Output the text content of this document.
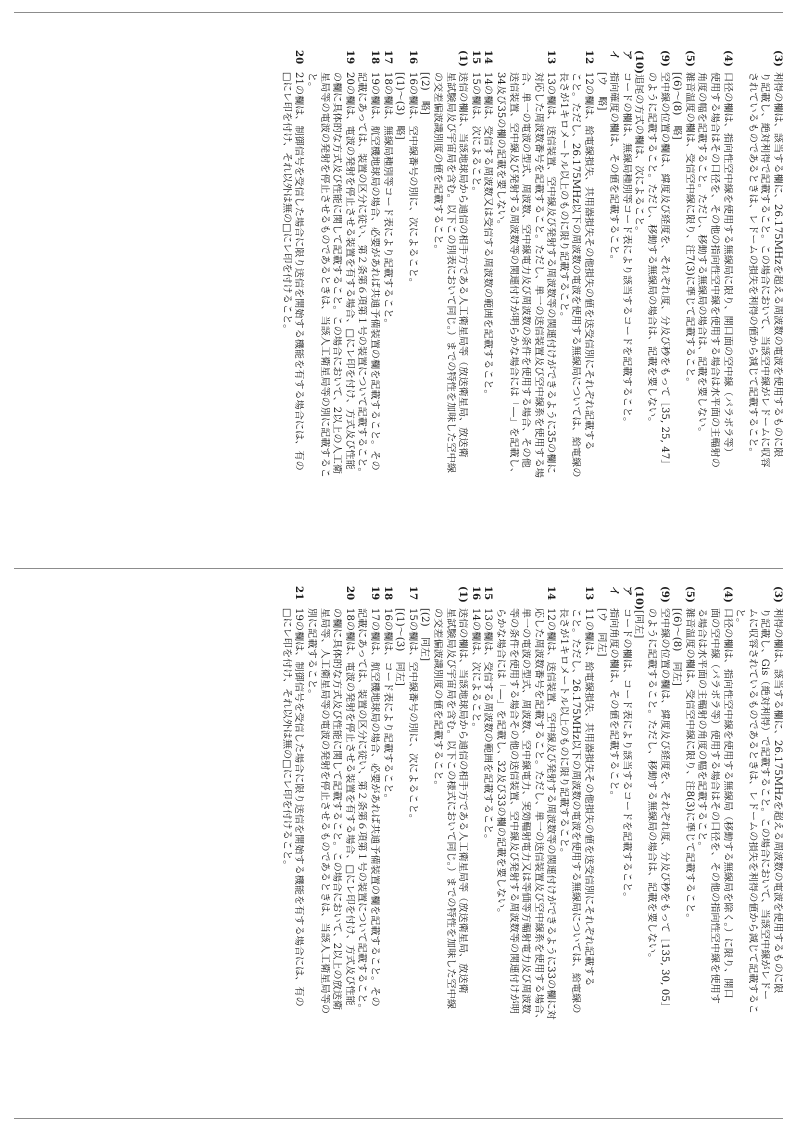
(3)利得の欄は、該当する欄に、26.175MHzを超える周波数の電波を使用するものに限
り記載し、絶対利得で記載すること。この場合において、当該空中線がレドームに収容
されているものであるときは、レドームの損失を利得の値から減じて記載すること。
(4)口径の欄は、指向性空中線を使用する無線局に限り、開口面の空中線（パラボラ等）
使用する場合はその口径を、その他の指向性空中線を使用する場合は水平面の主輻射の
角度の幅を記載すること。ただし、移動する無線局の場合は、記載を要しない。
(5)雑音温度の欄は、受信空中線に限り、注7(3)に準じて記載すること。
[(6)～(8)　略]
(9)空中線の位置の欄は、緯度及び経度を、それぞれ度、分及び秒をもって［35, 25, 47］
のように記載すること。ただし、移動する無線局の場合は、記載を要しない。
(10)追尾の方式の欄は、次によること。
アコードの欄は、無線局種別等コード表により該当するコードを記載すること。
イ指向確度の欄は、その値を記載すること。
[ウ　略]
1212の欄は、給電線損失、共用器損失その他損失の値を送受信別にそれぞれ記載する
こと。ただし、26.175MHz以下の周波数の電波を使用する無線局については、給電線の
長さが1キロメートル以上のものに限り記載すること。
1313の欄は、送信装置、空中線及び発射する周波数等の関連付けができるように35の欄に
対応した周波数番号を記載すること。ただし、単一の送信装置及び空中線系を使用する場
合、単一の電波の型式、周波数、空中線電力及び周波数の条件を使用する場合、その他
送信装置、空中線及び発射する周波数等の関連付けが明らかな場合には「―」を記載し、
34及び35の欄の記載を要しない。
1414の欄は、受信する周波数又は受信する周波数の範囲を記載すること。
1515の欄は、次によること。
(1)送信の欄は、当該地球局から通信の相手方である人工衛星局等（放送衛星局、放送衛
星試験局及び宇宙局を含む。以下この別表において同じ。）までの特性を加味した空中線
の交差偏波識別度の値を記載すること。
[(2)　略]
1616の欄は、空中線番号の別に、次によること。
[(1)～(3)　略]
1718の欄は、無線局種別等コード表により記載すること。
1819の欄は、航空機地球局の場合、必要があれば共通予備装置の欄を記載すること。その
記載にあっては、装置の区分に従い、第２条第６項第１号の装置について記載すること。
1920の欄は、電波の発射を停止させる装置を有する場合、□にレ印を付け、方式及び性能
の欄に具体的な方式及び性能に関して記載すること。この場合において、2以上の人工衛
星局等の電波の発射を停止させるものであるときは、当該人工衛星局等の別に記載するこ
と。
2021の欄は、制御信号を受信した場合に限り送信を開始する機能を有する場合には、有の
□にレ印を付け、それ以外は無の□にレ印を付けること。
(3)利得の欄は、該当する欄に、26.175MHzを超える周波数の電波を使用するものに限
り記載し、Gis（絶対利得）で記載すること。この場合において、当該空中線がレドー
ムに収容されているものであるときは、レドームの損失を利得の値から減じて記載するこ
と。
(4)口径の欄は、指向性空中線を使用する無線局（移動する無線局を除く。）に限り、開口
面の空中線（パラボラ等）使用する場合はその口径を、その他の指向性空中線を使用す
る場合は水平面の主輻射の角度の幅を記載すること。
(5)雑音温度の欄は、受信空中線に限り、注8(3)に準じて記載すること。
[(6)～(8)　同左]
(9)空中線の位置の欄は、緯度及び経度を、それぞれ度、分及び秒をもって［135, 30, 05］
のように記載すること。ただし、移動する無線局の場合は、記載を要しない。
(10)[同左]
アコードの欄は、コード表により該当するコードを記載すること。
イ指向角度の欄は、その値を記載すること。
[ウ　同左]
1311の欄は、給電線損失、共用器損失その他損失の値を送受信別にそれぞれ記載する
こと。ただし、26.175MHz以下の周波数の電波を使用する無線局については、給電線の
長さが1キロメートル以上のものに限り記載すること。
1412の欄は、送信装置、空中線及び発射する周波数等の関連付けができるように33の欄に対
応した周波数番号を記載すること。ただし、単一の送信装置及び空中線系を使用する場合、
単一の電波の型式、周波数、空中線電力、実効輻射電力又は等価等方輻射電力及び周波数
等の条件を使用する場合その他の送信装置、空中線及び発射する周波数等の関連付けが明
らかな場合には「―」を記載し、32及び33の欄の記載を要しない。
1513の欄は、受信する周波数の範囲を記載すること。
1614の欄は、次によること。
(1)送信の欄は、当該地球局から通信の相手方である人工衛星局等（放送衛星局、放送衛
星試験局及び宇宙局を含む。以下この様式において同じ。）までの特性を加味した空中線
の交差偏波識別度の値を記載すること。
[(2)　同左]
1715の欄は、空中線番号の別に、次によること。
[(1)～(3)　同左]
1816の欄は、コード表により記載すること。
1917の欄は、航空機地球局の場合、必要があれば共通予備装置の欄を記載すること。その
記載にあっては、装置の区分に従い、第２条第６項第１号の装置について記載すること。
2018の欄は、電波の発射を停止させる装置を有する場合、□にレ印を付け、方式及び性能
の欄に具体的な方式及び性能に関して記載すること。この場合において、2以上の放送衛
星局等、人工衛星局等の電波の発射を停止させるものであるときは、当該人工衛星局等の
別に記載すること。
2119の欄は、制御信号を受信した場合に限り送信を開始する機能を有する場合には、有の
□にレ印を付け、それ以外は無の□にレ印を付けること。
